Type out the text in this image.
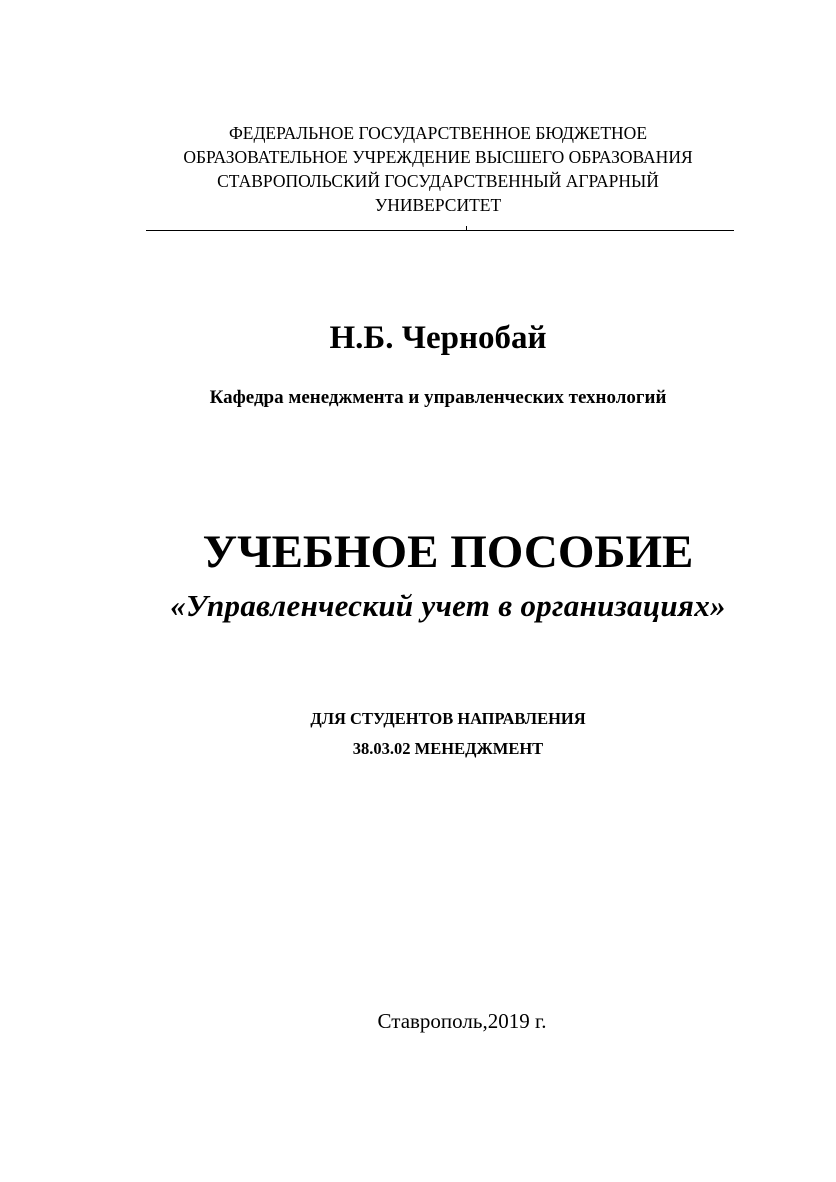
ФЕДЕРАЛЬНОЕ ГОСУДАРСТВЕННОЕ БЮДЖЕТНОЕ
ОБРАЗОВАТЕЛЬНОЕ УЧРЕЖДЕНИЕ ВЫСШЕГО ОБРАЗОВАНИЯ
СТАВРОПОЛЬСКИЙ ГОСУДАРСТВЕННЫЙ АГРАРНЫЙ
УНИВЕРСИТЕТ
Н.Б. Чернобай
Кафедра менеджмента и управленческих технологий
УЧЕБНОЕ ПОСОБИЕ
«Управленческий учет в организациях»
ДЛЯ СТУДЕНТОВ НАПРАВЛЕНИЯ
38.03.02 МЕНЕДЖМЕНТ
Ставрополь,2019 г.
